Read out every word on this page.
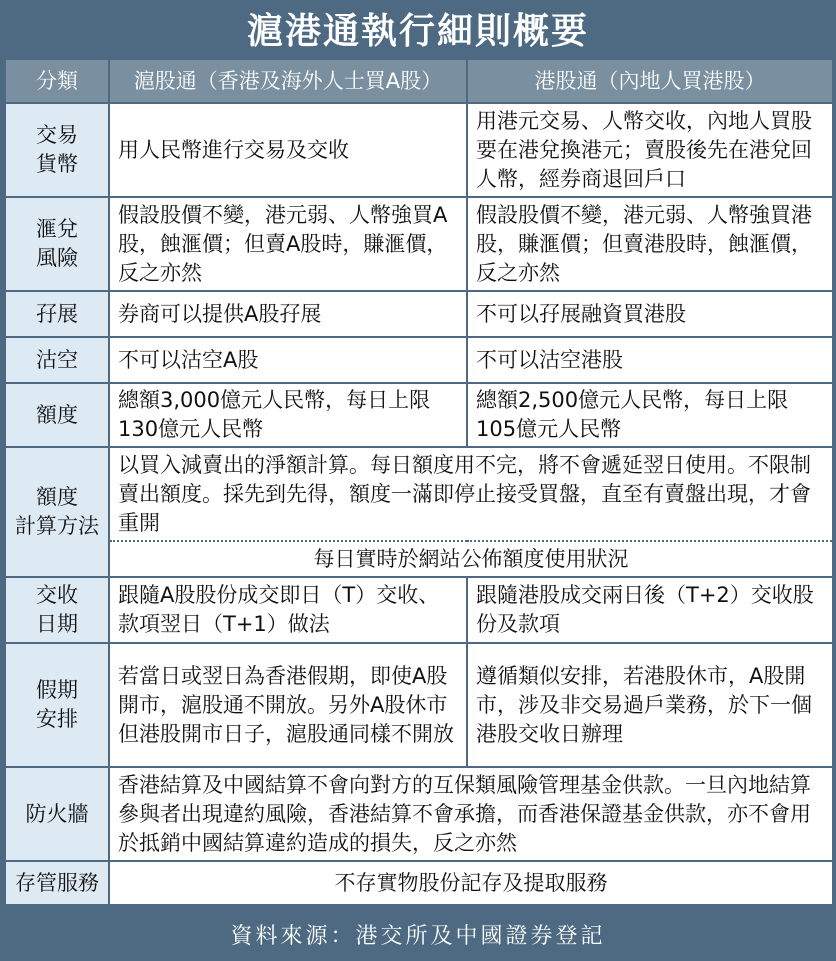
滬港通執行細則概要
分類	滬股通（香港及海外人士買A股）	港股通（內地人買港股）
交易
貨幣	用人民幣進行交易及交收	用港元交易、人幣交收，內地人買股要在港兌換港元；賣股後先在港兌回人幣，經券商退回戶口
滙兌
風險	假設股價不變，港元弱、人幣強買A股，蝕滙價；但賣A股時，賺滙價，反之亦然	假設股價不變，港元弱、人幣強買港股，賺滙價；但賣港股時，蝕滙價，反之亦然
孖展	券商可以提供A股孖展	不可以孖展融資買港股
沽空	不可以沽空A股	不可以沽空港股
額度	總額3,000億元人民幣，每日上限130億元人民幣	總額2,500億元人民幣，每日上限105億元人民幣
額度
計算方法	以買入減賣出的淨額計算。每日額度用不完，將不會遞延翌日使用。不限制賣出額度。採先到先得，額度一滿即停止接受買盤，直至有賣盤出現，才會重開	
	每日實時於網站公佈額度使用狀況	
交收
日期	跟隨A股股份成交即日（T）交收、款項翌日（T+1）做法	跟隨港股成交兩日後（T+2）交收股份及款項
假期
安排	若當日或翌日為香港假期，即使A股開市，滬股通不開放。另外A股休市但港股開市日子，滬股通同樣不開放	遵循類似安排，若港股休市，A股開市，涉及非交易過戶業務，於下一個港股交收日辦理
防火牆	香港結算及中國結算不會向對方的互保類風險管理基金供款。一旦內地結算參與者出現違約風險，香港結算不會承擔，而香港保證基金供款，亦不會用於抵銷中國結算違約造成的損失，反之亦然	
存管服務	不存實物股份記存及提取服務	
資料來源：港交所及中國證券登記
